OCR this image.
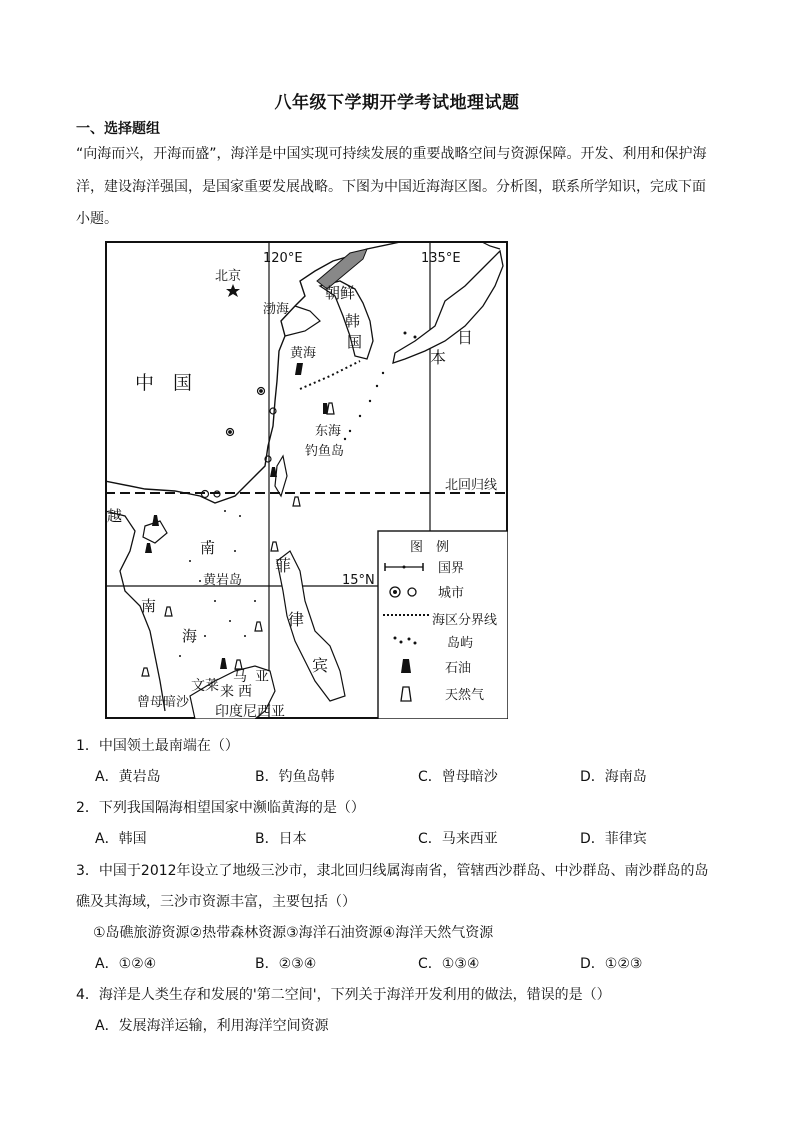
八年级下学期开学考试地理试题
一、选择题组
“向海而兴，开海而盛”，海洋是中国实现可持续发展的重要战略空间与资源保障。开发、利用和保护海
洋，建设海洋强国，是国家重要发展战略。下图为中国近海海区图。分析图，联系所学知识，完成下面
小题。
120°E	135°E
北京
渤海
朝鲜
韩
国	日
本
中　国
黄海
东海
钓鱼岛
北回归线
越
南
海
南
黄岩岛	15°N
菲
律
宾
文莱
马
来 西
亚
曾母暗沙
印度尼西亚
图　例
国界
城市
海区分界线
岛屿
石油
天然气
1．中国领土最南端在（）
A．黄岩岛	B．钓鱼岛韩	C．曾母暗沙	D．海南岛
2．下列我国隔海相望国家中濒临黄海的是（）
A．韩国	B．日本	C．马来西亚	D．菲律宾
3．中国于2012年设立了地级三沙市，隶北回归线属海南省，管辖西沙群岛、中沙群岛、南沙群岛的岛
礁及其海域，三沙市资源丰富，主要包括（）
①岛礁旅游资源②热带森林资源③海洋石油资源④海洋天然气资源
A．①②④	B．②③④	C．①③④	D．①②③
4．海洋是人类生存和发展的'第二空间'，下列关于海洋开发利用的做法，错误的是（）
A．发展海洋运输，利用海洋空间资源
